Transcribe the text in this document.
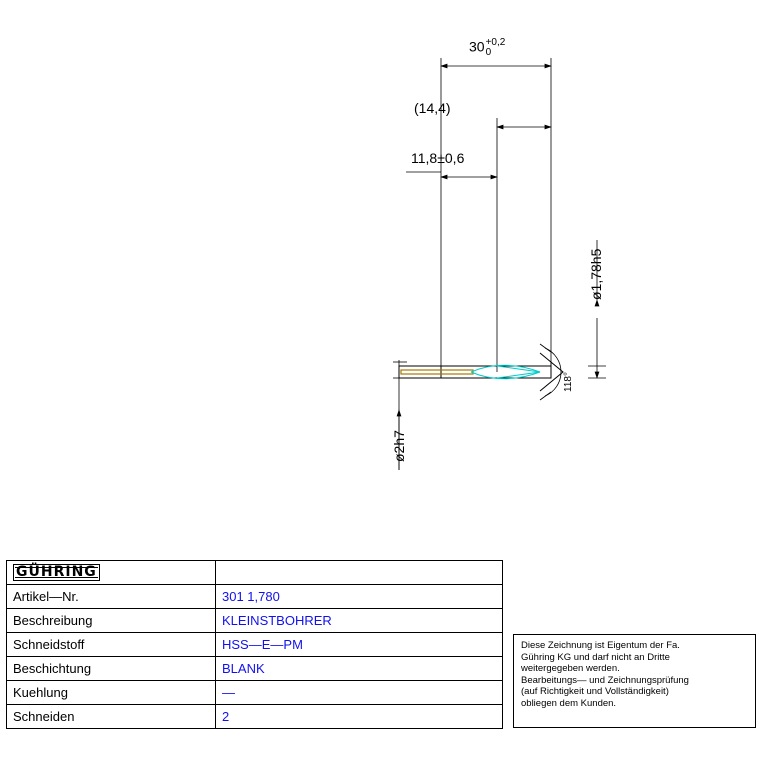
30 +0,2
0
(14,4)
11,8±0,6
ø1,78h5
ø2h7
118°
GÜHRING	
Artikel—Nr.	301 1,780
Beschreibung	KLEINSTBOHRER
Schneidstoff	HSS—E—PM
Beschichtung	BLANK
Kuehlung	—
Schneiden	2
Diese Zeichnung ist Eigentum der Fa.
Gühring KG und darf nicht an Dritte
weitergegeben werden.
Bearbeitungs— und Zeichnungsprüfung
(auf Richtigkeit und Vollständigkeit)
obliegen dem Kunden.
